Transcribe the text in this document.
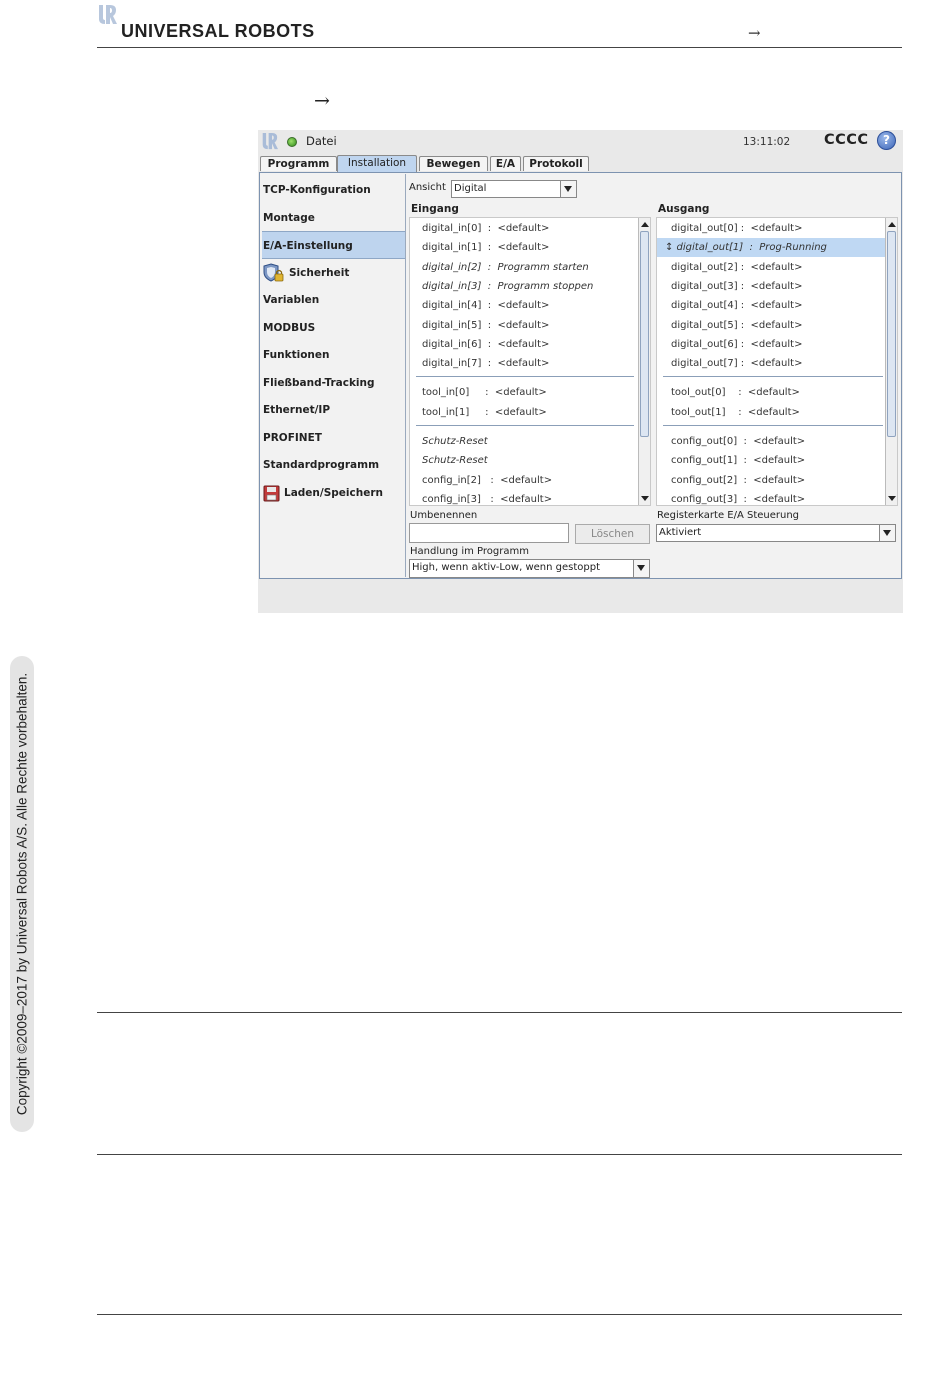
UNIVERSAL ROBOTS	→
→
Datei	13:11:02 CCCC	?
Programm	Installation	Bewegen	E/A	Protokoll
TCP-Konfiguration
Montage
E/A-Einstellung
Sicherheit
Variablen
MODBUS
Funktionen
Fließband-Tracking
Ethernet/IP
PROFINET
Standardprogramm
Laden/Speichern
Ansicht Digital
Eingang	Ausgang
digital_in[0]  :  <default>
digital_in[1]  :  <default>
digital_in[2]  :  Programm starten
digital_in[3]  :  Programm stoppen
digital_in[4]  :  <default>
digital_in[5]  :  <default>
digital_in[6]  :  <default>
digital_in[7]  :  <default>
tool_in[0]     :  <default>
tool_in[1]     :  <default>
Schutz-Reset
Schutz-Reset
config_in[2]   :  <default>
config_in[3]   :  <default>
digital_out[0] :  <default>
↕ digital_out[1]  :  Prog-Running
digital_out[2] :  <default>
digital_out[3] :  <default>
digital_out[4] :  <default>
digital_out[5] :  <default>
digital_out[6] :  <default>
digital_out[7] :  <default>
tool_out[0]    :  <default>
tool_out[1]    :  <default>
config_out[0]  :  <default>
config_out[1]  :  <default>
config_out[2]  :  <default>
config_out[3]  :  <default>
Umbenennen
Löschen
Registerkarte E/A Steuerung
Aktiviert
Handlung im Programm
High, wenn aktiv-Low, wenn gestoppt
Copyright ©2009–2017 by Universal Robots A/S. Alle Rechte vorbehalten.
